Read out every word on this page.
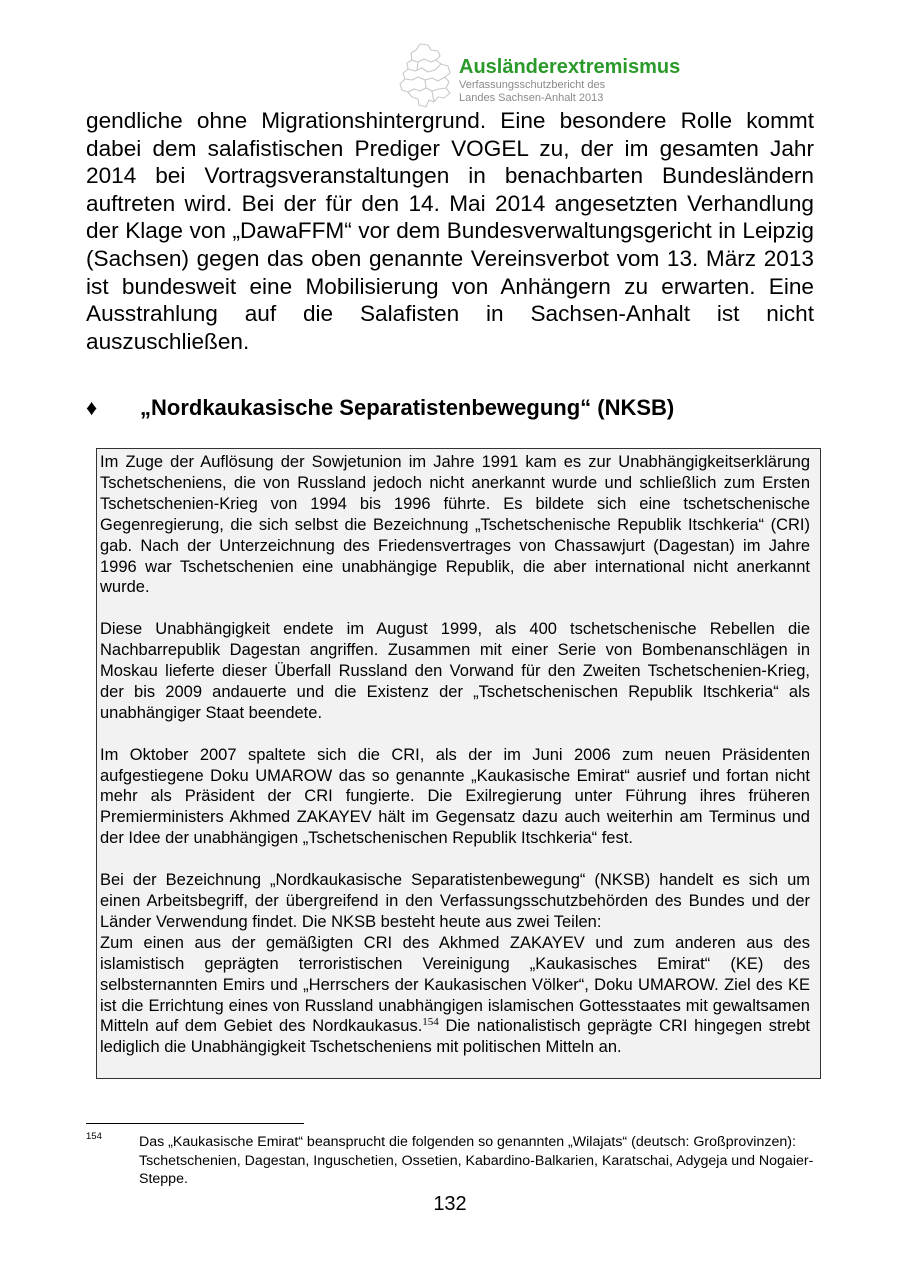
Ausländerextremismus
Verfassungsschutzbericht des
Landes Sachsen-Anhalt 2013
gendliche ohne Migrationshintergrund. Eine besondere Rolle kommt dabei dem salafistischen Prediger VOGEL zu, der im gesamten Jahr 2014 bei Vortragsveranstaltungen in benachbarten Bundesländern auftreten wird. Bei der für den 14. Mai 2014 angesetzten Verhandlung der Klage von „DawaFFM“ vor dem Bundesverwaltungsgericht in Leipzig (Sachsen) gegen das oben genannte Vereinsverbot vom 13. März 2013 ist bundesweit eine Mobilisierung von Anhängern zu erwarten. Eine Ausstrahlung auf die Salafisten in Sachsen-Anhalt ist nicht auszuschließen.
♦ „Nordkaukasische Separatistenbewegung“ (NKSB)

Im Zuge der Auflösung der Sowjetunion im Jahre 1991 kam es zur Unabhängigkeitserklärung Tschetscheniens, die von Russland jedoch nicht anerkannt wurde und schließlich zum Ersten Tschetschenien-Krieg von 1994 bis 1996 führte. Es bildete sich eine tschetschenische Gegenregierung, die sich selbst die Bezeichnung „Tschetschenische Republik Itschkeria“ (CRI) gab. Nach der Unterzeichnung des Friedensvertrages von Chassawjurt (Dagestan) im Jahre 1996 war Tschetschenien eine unabhängige Republik, die aber international nicht anerkannt wurde.

Diese Unabhängigkeit endete im August 1999, als 400 tschetschenische Rebellen die Nachbarrepublik Dagestan angriffen. Zusammen mit einer Serie von Bombenanschlägen in Moskau lieferte dieser Überfall Russland den Vorwand für den Zweiten Tschetschenien-Krieg, der bis 2009 andauerte und die Existenz der „Tschetschenischen Republik Itschkeria“ als unabhängiger Staat beendete.

Im Oktober 2007 spaltete sich die CRI, als der im Juni 2006 zum neuen Präsidenten aufgestiegene Doku UMAROW das so genannte „Kaukasische Emirat“ ausrief und fortan nicht mehr als Präsident der CRI fungierte. Die Exilregierung unter Führung ihres früheren Premierministers Akhmed ZAKAYEV hält im Gegensatz dazu auch weiterhin am Terminus und der Idee der unabhängigen „Tschetschenischen Republik Itschkeria“ fest.

Bei der Bezeichnung „Nordkaukasische Separatistenbewegung“ (NKSB) handelt es sich um einen Arbeitsbegriff, der übergreifend in den Verfassungsschutzbehörden des Bundes und der Länder Verwendung findet. Die NKSB besteht heute aus zwei Teilen:

Zum einen aus der gemäßigten CRI des Akhmed ZAKAYEV und zum anderen aus des islamistisch geprägten terroristischen Vereinigung „Kaukasisches Emirat“ (KE) des selbsternannten Emirs und „Herrschers der Kaukasischen Völker“, Doku UMAROW. Ziel des KE ist die Errichtung eines von Russland unabhängigen islamischen Gottesstaates mit gewaltsamen Mitteln auf dem Gebiet des Nordkaukasus.$^{154}$ Die nationalistisch geprägte CRI hingegen strebt lediglich die Unabhängigkeit Tschetscheniens mit politischen Mitteln an.

154	Das „Kaukasische Emirat“ beansprucht die folgenden so genannten „Wilajats“ (deutsch: Großprovinzen): Tschetschenien, Dagestan, Inguschetien, Ossetien, Kabardino-Balkarien, Karatschai, Adygeja und Nogaier-Steppe.
132
